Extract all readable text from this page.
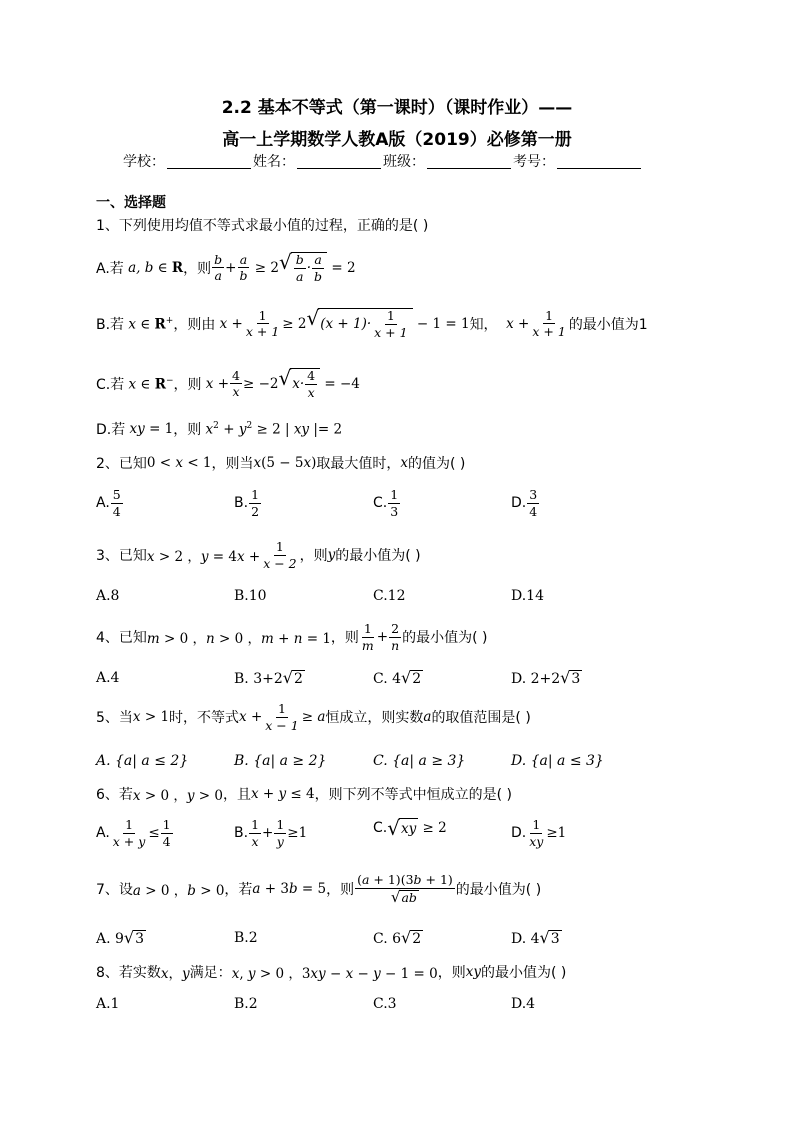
2.2 基本不等式（第一课时）（课时作业）——
高一上学期数学人教A版（2019）必修第一册
学校：	姓名：	班级：	考号：
一、选择题
1、下列使用均值不等式求最小值的过程，正确的是( )
A.若 a, b ∈ R ，则 $\frac{b}{a} + \frac{a}{b} \ge 2$ √ $\frac{b}{a} \cdot \frac{a}{b} = 2$
B.若 x ∈ R+ ，则由 $x + \frac{1}{x + 1} \ge 2$ √ $(x + 1)\cdot \frac{1}{x + 1} - 1 = 1$ 知， $x + \frac{1}{x + 1}$ 的最小值为1
C.若 x ∈ R− ，则 $x + \frac{4}{x} \ge -2$ √ $x\cdot \frac{4}{x} = -4$
D.若 xy = 1 ，则 $x^2 + y^2 \ge 2$ | xy |= 2
2、已知 0 < x < 1 ，则当 x(5 − 5x) 取最大值时， x 的值为( )
A. $\frac{5}{4}$	B. $\frac{1}{2}$	C. $\frac{1}{3}$	D. $\frac{3}{4}$
3、已知 x > 2 ，$y = 4x + \frac{1}{x - 2}$ ，则 y 的最小值为( )
A.8	B.10	C.12	D.14
4、已知 m > 0 ，n > 0 ，m + n = 1 ，则 $\frac{1}{m} + \frac{2}{n}$ 的最小值为( )
A.4	B. 3+2 √ 2	C. 4 √ 2	D. 2+2 √ 3
5、当 x > 1 时，不等式 $x + \frac{1}{x - 1} \ge a$ 恒成立，则实数 a 的取值范围是( )
A. {a| a ≤ 2}	B. {a| a ≥ 2}	C. {a| a ≥ 3}	D. {a| a ≤ 3}
6、若 x > 0 ，y > 0 ，且 x + y ≤ 4 ，则下列不等式中恒成立的是( )
A. $\frac{1}{x + y} \le \frac{1}{4}$	B. $\frac{1}{x} + \frac{1}{y} \ge 1$	C. √ xy ≥ 2	D. $\frac{1}{xy} \ge 1$
7、设 a > 0 ，b > 0 ，若 a + 3b = 5 ，则 $\frac{(a + 1)(3b + 1)}{√ ab}$ 的最小值为( )
A. 9 √ 3	B.2	C. 6 √ 2	D. 4 √ 3
8、若实数 x，y 满足： x, y > 0 ，3xy − x − y − 1 = 0 ，则 xy 的最小值为( )
A.1	B.2	C.3	D.4
